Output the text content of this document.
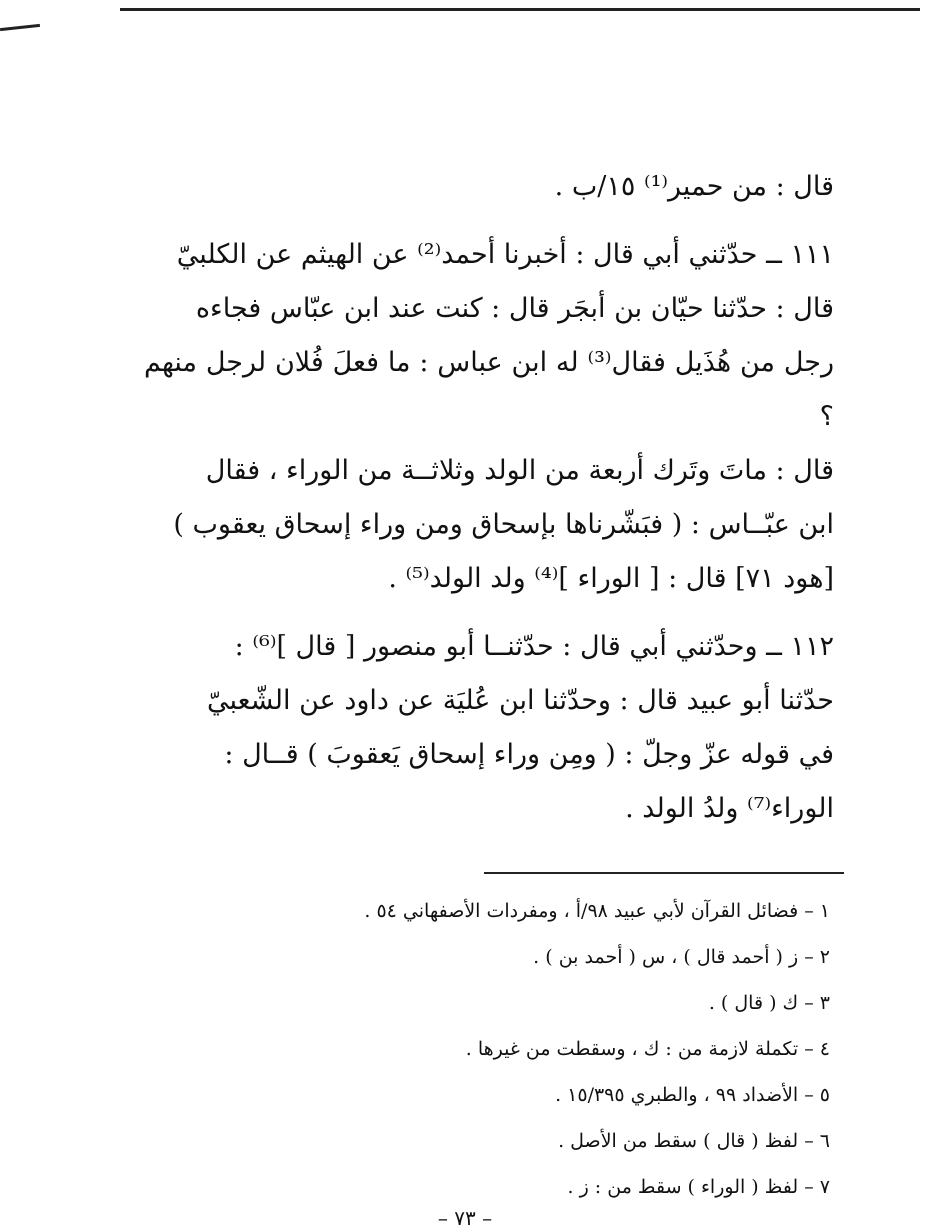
قال : من حمير⁽¹⁾ ١٥/ب .

١١١ ــ حدّثني أبي قال : أخبرنا أحمد⁽²⁾ عن الهيثم عن الكلبيّ

قال : حدّثنا حيّان بن أبجَر قال : كنت عند ابن عبّاس فجاءه

رجل من هُذَيل فقال⁽³⁾ له ابن عباس : ما فعلَ فُلان لرجل منهم ؟

قال : ماتَ وتَرك أربعة من الولد وثلاثــة من الوراء ، فقال

ابن عبّــاس : ( فبَشّرناها بإسحاق ومن وراء إسحاق يعقوب )

[هود ٧١] قال : [ الوراء ]⁽⁴⁾ ولد الولد⁽⁵⁾ .

١١٢ ــ وحدّثني أبي قال : حدّثنــا أبو منصور [ قال ]⁽⁶⁾ :

حدّثنا أبو عبيد قال : وحدّثنا ابن عُليَة عن داود عن الشّعبيّ

في قوله عزّ وجلّ : ( ومِن وراء إسحاق يَعقوبَ ) قــال :

الوراء⁽⁷⁾ ولدُ الولد .

١ – فضائل القرآن لأبي عبيد ٩٨/أ ، ومفردات الأصفهاني ٥٤ .
٢ – ز ( أحمد قال ) ، س ( أحمد بن ) .
٣ – ك ( قال ) .
٤ – تكملة لازمة من : ك ، وسقطت من غيرها .
٥ – الأضداد ٩٩ ، والطبري ١٥/٣٩٥ .
٦ – لفظ ( قال ) سقط من الأصل .
٧ – لفظ ( الوراء ) سقط من : ز .
– ٧٣ –
